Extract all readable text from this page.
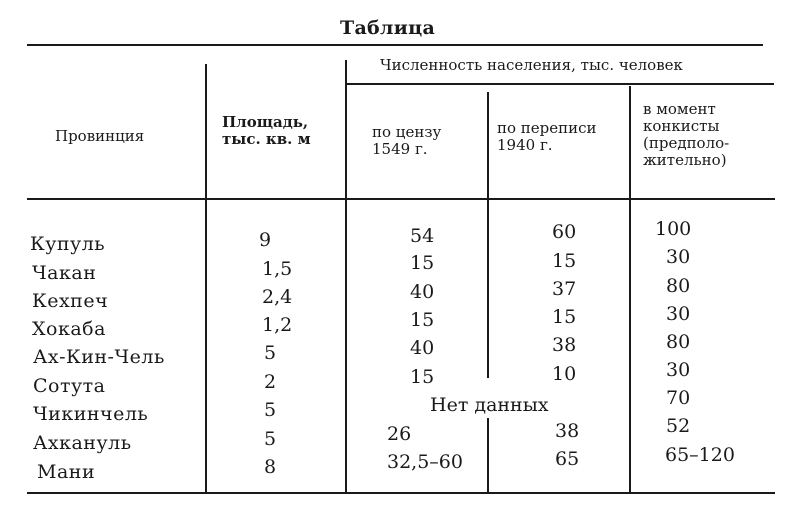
Таблица
Провинция
Площадь,
тыс. кв. м
Численность населения, тыс. человек
по цензу
1549 г.
по переписи
1940 г.
в момент
конкисты
(предполо-
жительно)
Купуль	9	54	60	100
Чакан	1,5	15	15	30
Кехпеч	2,4	40	37	80
Хокаба	1,2	15	15	30
Ах-Кин-Чель	5	40	38	80
Сотута	2	15	10	30
Чикинчель	5	Нет данных	70
Ахкануль	5	26	38	52
Мани	8	32,5–60	65	65–120
